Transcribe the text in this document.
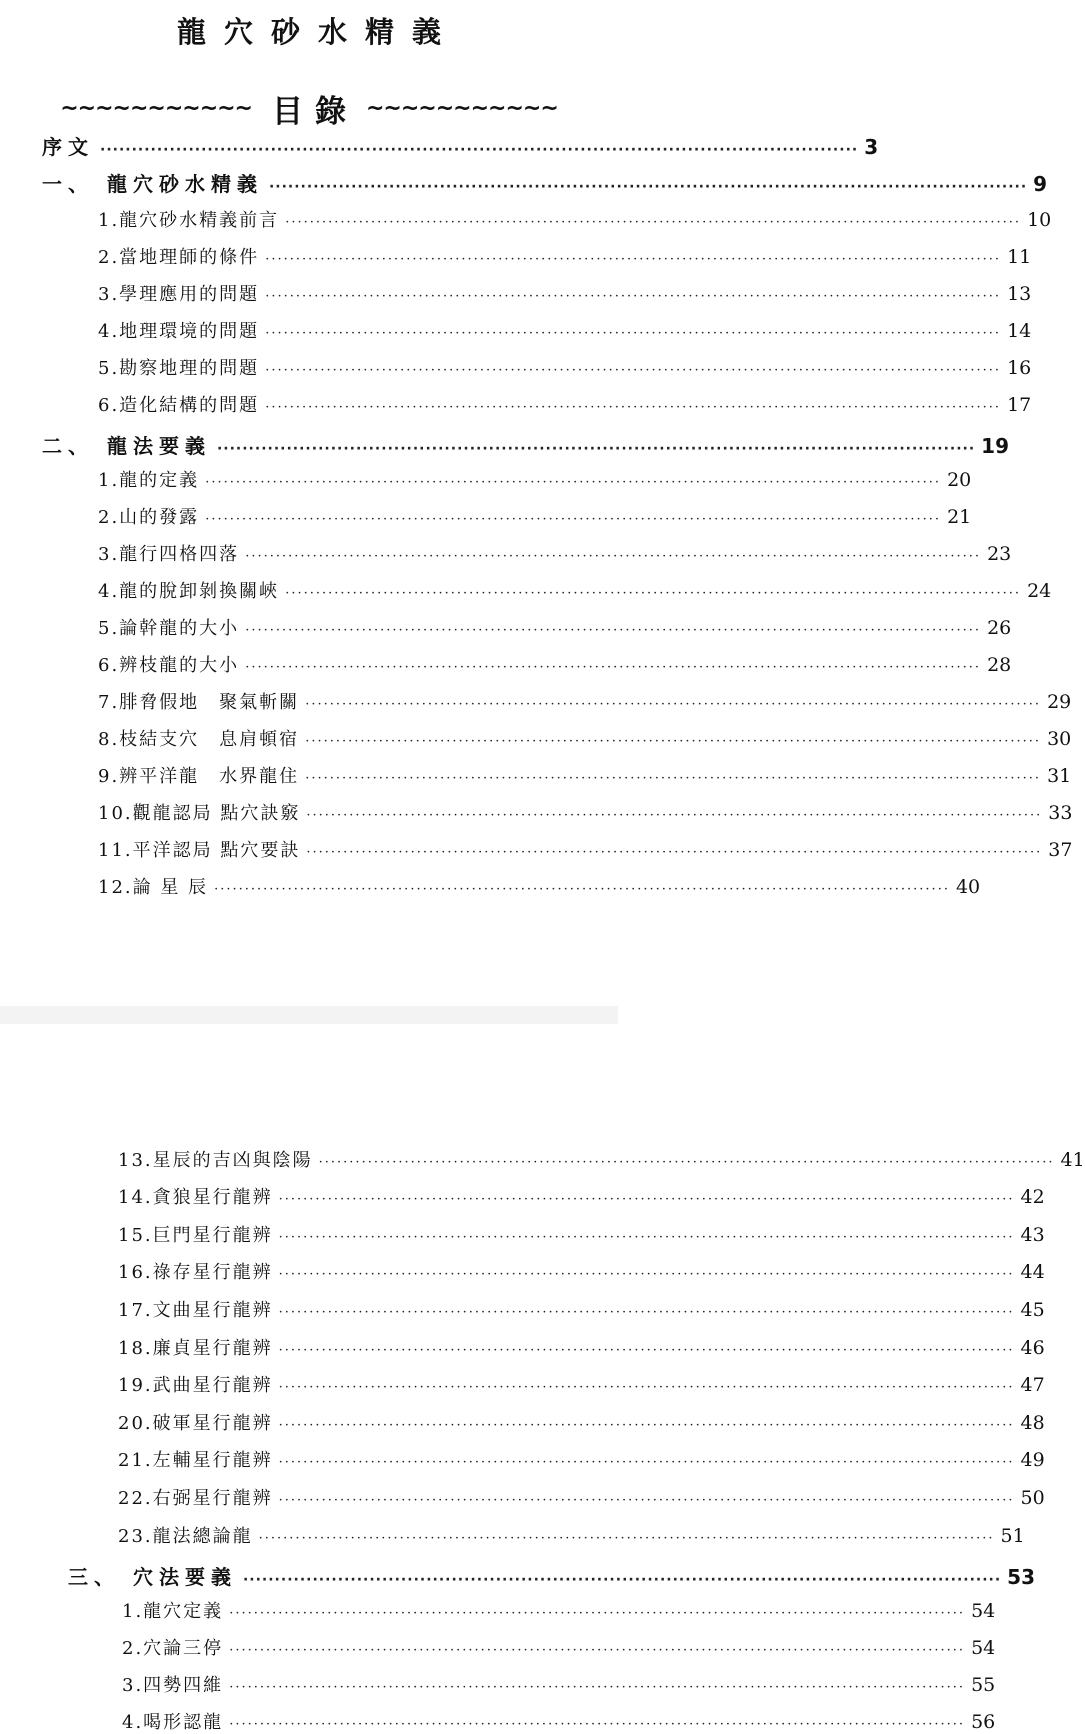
龍穴砂水精義
~~~~~~~~~~~ 目錄 ~~~~~~~~~~~
序文 ························································································································ 3
一、 龍穴砂水精義 ························································································································ 9
1.龍穴砂水精義前言 ························································································································ 10
2.當地理師的條件 ························································································································ 11
3.學理應用的問題 ························································································································ 13
4.地理環境的問題 ························································································································ 14
5.勘察地理的問題 ························································································································ 16
6.造化結構的問題 ························································································································ 17
二、 龍法要義 ························································································································ 19
1.龍的定義 ························································································································ 20
2.山的發露 ························································································································ 21
3.龍行四格四落 ························································································································ 23
4.龍的脫卸剝換關峽 ························································································································ 24
5.論幹龍的大小 ························································································································ 26
6.辨枝龍的大小 ························································································································ 28
7.腓脅假地　聚氣斬關 ························································································································ 29
8.枝結支穴　息肩頓宿 ························································································································ 30
9.辨平洋龍　水界龍住 ························································································································ 31
10.觀龍認局 點穴訣竅 ························································································································ 33
11.平洋認局 點穴要訣 ························································································································ 37
12.論 星 辰 ························································································································ 40
13.星辰的吉凶與陰陽 ························································································································ 41
14.貪狼星行龍辨 ························································································································ 42
15.巨門星行龍辨 ························································································································ 43
16.祿存星行龍辨 ························································································································ 44
17.文曲星行龍辨 ························································································································ 45
18.廉貞星行龍辨 ························································································································ 46
19.武曲星行龍辨 ························································································································ 47
20.破軍星行龍辨 ························································································································ 48
21.左輔星行龍辨 ························································································································ 49
22.右弼星行龍辨 ························································································································ 50
23.龍法總論龍 ························································································································ 51
三、 穴法要義 ························································································································ 53
1.龍穴定義 ························································································································ 54
2.穴論三停 ························································································································ 54
3.四勢四維 ························································································································ 55
4.喝形認龍 ························································································································ 56
